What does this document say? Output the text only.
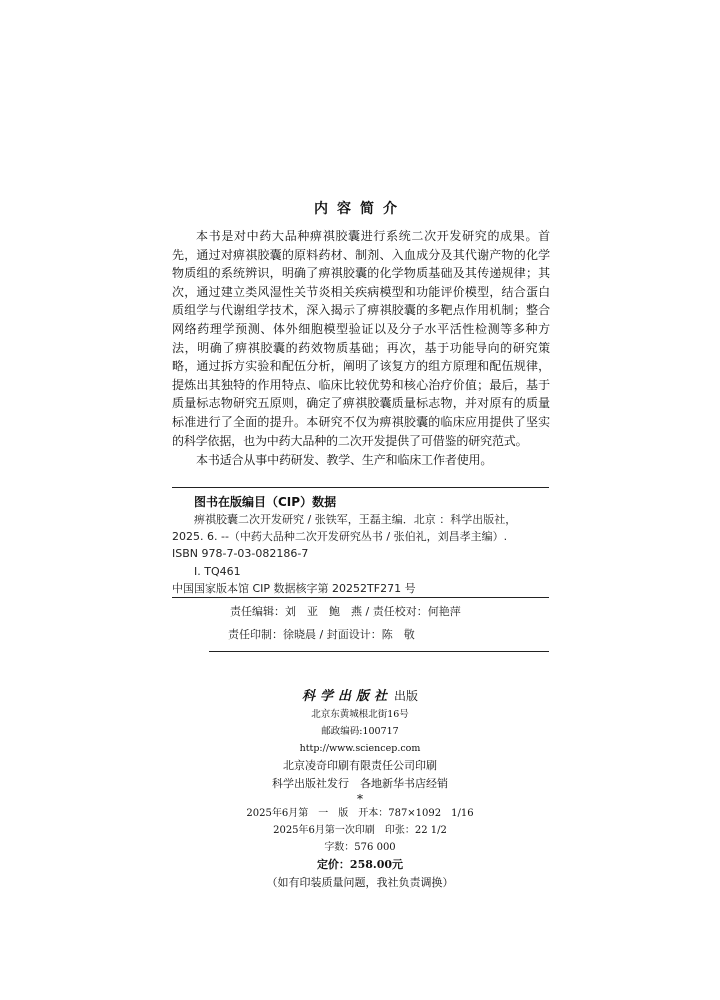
内容简介

本书是对中药大品种痹祺胶囊进行系统二次开发研究的成果。首先，通过对痹祺胶囊的原料药材、制剂、入血成分及其代谢产物的化学物质组的系统辨识，明确了痹祺胶囊的化学物质基础及其传递规律；其次，通过建立类风湿性关节炎相关疾病模型和功能评价模型，结合蛋白质组学与代谢组学技术，深入揭示了痹祺胶囊的多靶点作用机制；整合网络药理学预测、体外细胞模型验证以及分子水平活性检测等多种方法，明确了痹祺胶囊的药效物质基础；再次，基于功能导向的研究策略，通过拆方实验和配伍分析，阐明了该复方的组方原理和配伍规律，提炼出其独特的作用特点、临床比较优势和核心治疗价值；最后，基于质量标志物研究五原则，确定了痹祺胶囊质量标志物，并对原有的质量标准进行了全面的提升。本研究不仅为痹祺胶囊的临床应用提供了坚实的科学依据，也为中药大品种的二次开发提供了可借鉴的研究范式。

本书适合从事中药研发、教学、生产和临床工作者使用。

图书在版编目（CIP）数据
痹祺胶囊二次开发研究 / 张铁军，王磊主编．北京 ：科学出版社，
2025. 6. --（中药大品种二次开发研究丛书 / 张伯礼，刘昌孝主编）.
ISBN 978-7-03-082186-7
Ⅰ. TQ461
中国国家版本馆 CIP 数据核字第 20252TF271 号
责任编辑：刘　亚　鲍　燕 / 责任校对：何艳萍
责任印制：徐晓晨 / 封面设计：陈　敬
科学出版社 出版
北京东黄城根北街16号
邮政编码:100717
http://www.sciencep.com
北京凌奇印刷有限责任公司印刷
科学出版社发行　各地新华书店经销
*
2025年6月第　一　版　开本：787×1092　1/16
2025年6月第一次印刷　印张：22 1/2
字数：576 000
定价：258.00元
（如有印装质量问题，我社负责调换）
